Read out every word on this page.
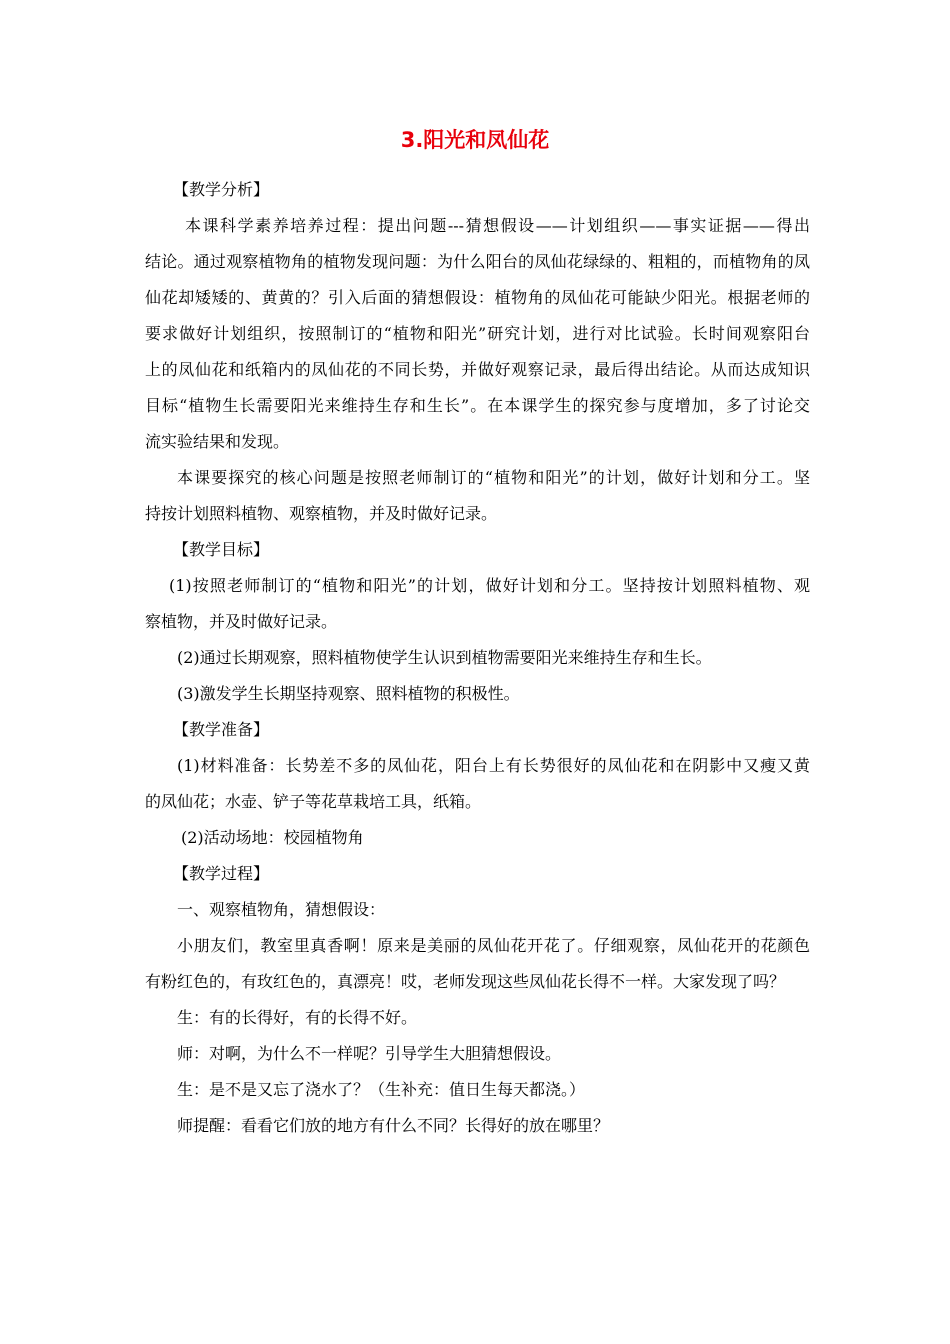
3.阳光和凤仙花
【教学分析】
本课科学素养培养过程：提出问题---猜想假设——计划组织——事实证据——得出
结论。通过观察植物角的植物发现问题：为什么阳台的凤仙花绿绿的、粗粗的，而植物角的凤
仙花却矮矮的、黄黄的？引入后面的猜想假设：植物角的凤仙花可能缺少阳光。根据老师的
要求做好计划组织，按照制订的“植物和阳光”研究计划，进行对比试验。长时间观察阳台
上的凤仙花和纸箱内的凤仙花的不同长势，并做好观察记录，最后得出结论。从而达成知识
目标“植物生长需要阳光来维持生存和生长”。在本课学生的探究参与度增加，多了讨论交
流实验结果和发现。
本课要探究的核心问题是按照老师制订的“植物和阳光”的计划，做好计划和分工。坚
持按计划照料植物、观察植物，并及时做好记录。
【教学目标】
(1)按照老师制订的“植物和阳光”的计划，做好计划和分工。坚持按计划照料植物、观
察植物，并及时做好记录。
(2)通过长期观察，照料植物使学生认识到植物需要阳光来维持生存和生长。
(3)激发学生长期坚持观察、照料植物的积极性。
【教学准备】
(1)材料准备：长势差不多的凤仙花，阳台上有长势很好的凤仙花和在阴影中又瘦又黄
的凤仙花；水壶、铲子等花草栽培工具，纸箱。
(2)活动场地：校园植物角
【教学过程】
一、观察植物角，猜想假设：
小朋友们，教室里真香啊！原来是美丽的凤仙花开花了。仔细观察，凤仙花开的花颜色
有粉红色的，有玫红色的，真漂亮！哎，老师发现这些凤仙花长得不一样。大家发现了吗？
生：有的长得好，有的长得不好。
师：对啊，为什么不一样呢？引导学生大胆猜想假设。
生：是不是又忘了浇水了？（生补充：值日生每天都浇。）
师提醒：看看它们放的地方有什么不同？长得好的放在哪里？
